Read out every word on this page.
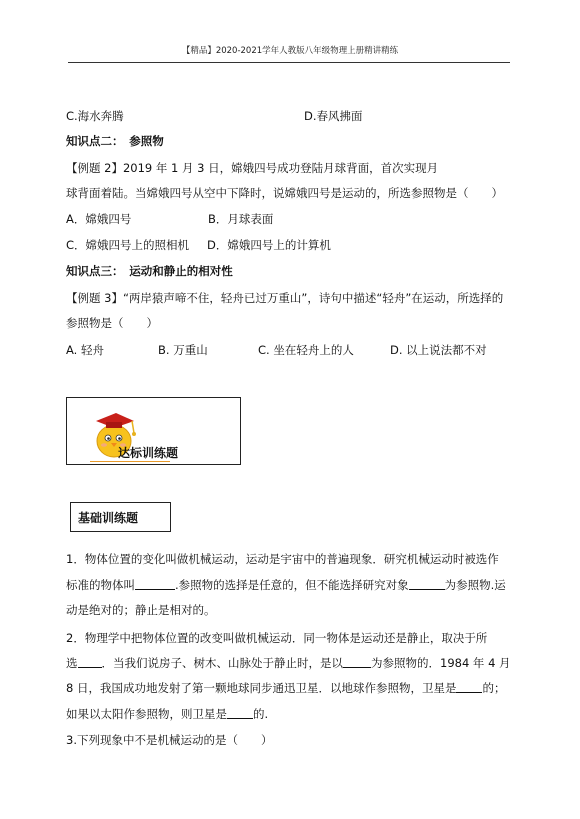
【精品】2020-2021学年人教版八年级物理上册精讲精练
C.海水奔腾	D.春风拂面
知识点二：　参照物
【例题 2】2019 年 1 月 3 日，嫦娥四号成功登陆月球背面，首次实现月
球背面着陆。当嫦娥四号从空中下降时，说嫦娥四号是运动的，所选参照物是（　　）
A．嫦娥四号	B．月球表面
C．嫦娥四号上的照相机 D．嫦娥四号上的计算机
知识点三：　运动和静止的相对性
【例题 3】“两岸猿声啼不住，轻舟已过万重山”，诗句中描述“轻舟”在运动，所选择的
参照物是（　　）
A. 轻舟	B. 万重山	C. 坐在轻舟上的人	D. 以上说法都不对
达标训练题
基础训练题
1．物体位置的变化叫做机械运动，运动是宇宙中的普遍现象．研究机械运动时被选作
标准的物体叫	.参照物的选择是任意的，但不能选择研究对象	为参照物.运
动是绝对的；静止是相对的。
2．物理学中把物体位置的改变叫做机械运动．同一物体是运动还是静止，取决于所
选 ．当我们说房子、树木、山脉处于静止时，是以 为参照物的．1984 年 4 月
8 日，我国成功地发射了第一颗地球同步通迅卫星．以地球作参照物，卫星是 的；
如果以太阳作参照物，则卫星是 的.
3.下列现象中不是机械运动的是（　　）
